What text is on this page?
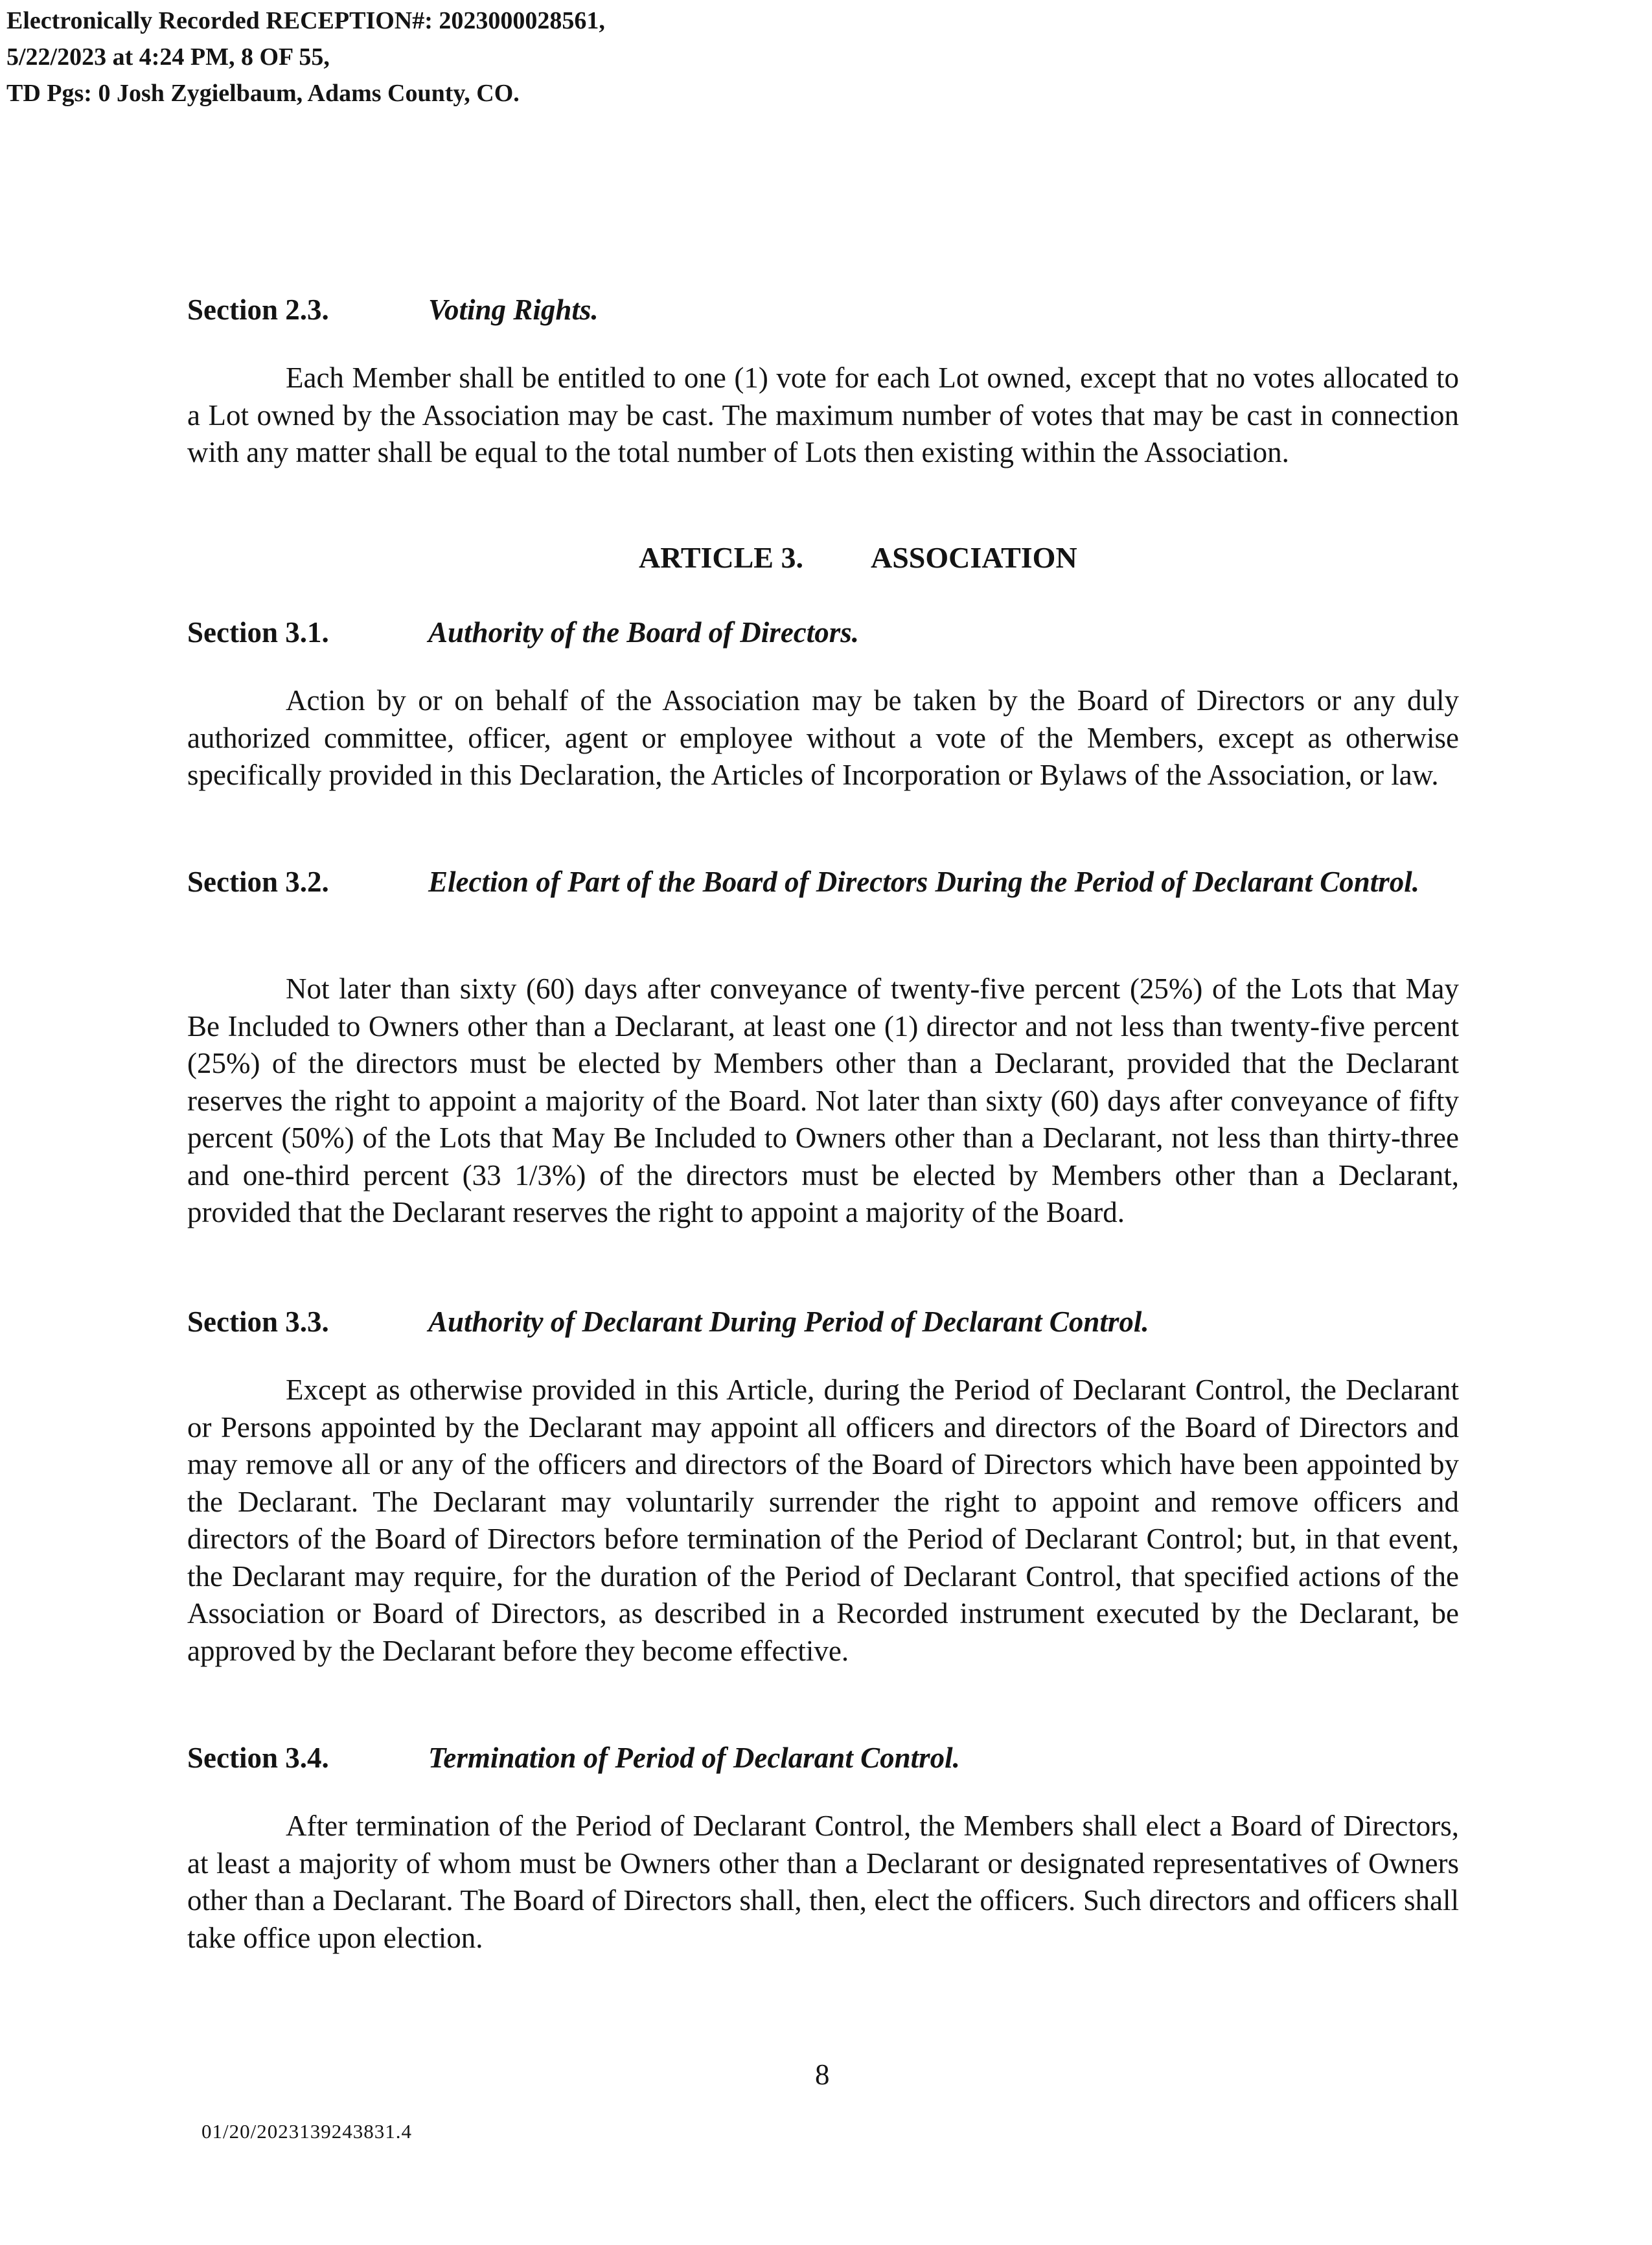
Electronically Recorded RECEPTION#: 2023000028561,
5/22/2023 at 4:24 PM, 8 OF 55,
TD Pgs: 0 Josh Zygielbaum, Adams County, CO.
Section 2.3.	Voting Rights.

Each Member shall be entitled to one (1) vote for each Lot owned, except that no votes allocated to a Lot owned by the Association may be cast. The maximum number of votes that may be cast in connection with any matter shall be equal to the total number of Lots then existing within the Association.

ARTICLE 3. ASSOCIATION
Section 3.1.	Authority of the Board of Directors.

Action by or on behalf of the Association may be taken by the Board of Directors or any duly authorized committee, officer, agent or employee without a vote of the Members, except as otherwise specifically provided in this Declaration, the Articles of Incorporation or Bylaws of the Association, or law.

Section 3.2.	Election of Part of the Board of Directors During the Period of Declarant Control.

Not later than sixty (60) days after conveyance of twenty-five percent (25%) of the Lots that May Be Included to Owners other than a Declarant, at least one (1) director and not less than twenty-five percent (25%) of the directors must be elected by Members other than a Declarant, provided that the Declarant reserves the right to appoint a majority of the Board. Not later than sixty (60) days after conveyance of fifty percent (50%) of the Lots that May Be Included to Owners other than a Declarant, not less than thirty-three and one-third percent (33 1/3%) of the directors must be elected by Members other than a Declarant, provided that the Declarant reserves the right to appoint a majority of the Board.

Section 3.3.	Authority of Declarant During Period of Declarant Control.

Except as otherwise provided in this Article, during the Period of Declarant Control, the Declarant or Persons appointed by the Declarant may appoint all officers and directors of the Board of Directors and may remove all or any of the officers and directors of the Board of Directors which have been appointed by the Declarant. The Declarant may voluntarily surrender the right to appoint and remove officers and directors of the Board of Directors before termination of the Period of Declarant Control; but, in that event, the Declarant may require, for the duration of the Period of Declarant Control, that specified actions of the Association or Board of Directors, as described in a Recorded instrument executed by the Declarant, be approved by the Declarant before they become effective.

Section 3.4.	Termination of Period of Declarant Control.

After termination of the Period of Declarant Control, the Members shall elect a Board of Directors, at least a majority of whom must be Owners other than a Declarant or designated representatives of Owners other than a Declarant. The Board of Directors shall, then, elect the officers. Such directors and officers shall take office upon election.

8
01/20/2023139243831.4
